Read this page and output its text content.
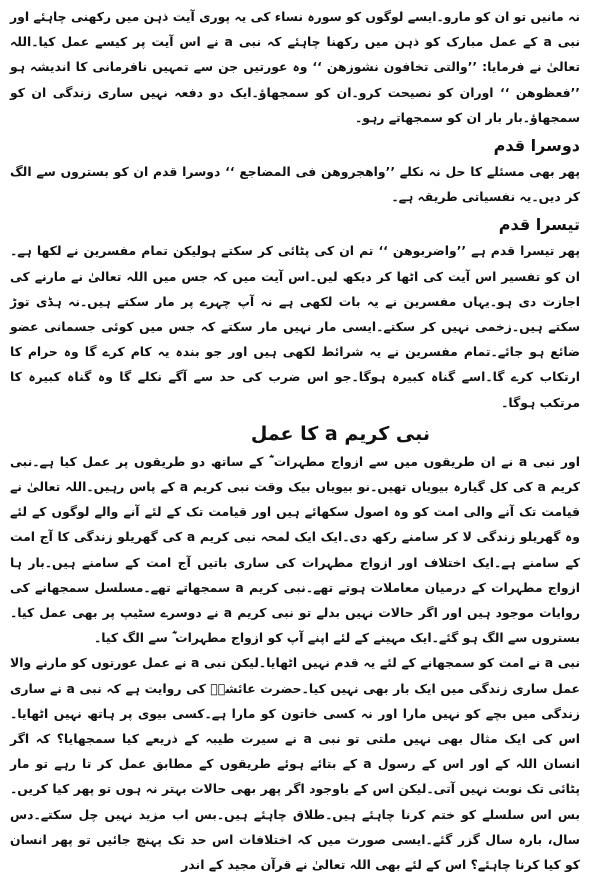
نہ مانیں تو ان کو مارو۔ایسے لوگوں کو سورہ نساء کی یہ پوری آیت ذہن میں رکھنی چاہئے اور نبی a کے عمل مبارک کو ذہن میں رکھنا چاہئے کہ نبی a نے اس آیت پر کیسے عمل کیا۔اللہ تعالیٰ نے فرمایا: ’’والتی تخافون نشوزھن ‘‘ وہ عورتیں جن سے تمہیں نافرمانی کا اندیشہ ہو ’’فعظوھن ‘‘ اوران کو نصیحت کرو۔ان کو سمجھاؤ۔ایک دو دفعہ نہیں ساری زندگی ان کو سمجھاؤ۔بار بار ان کو سمجھاتے رہو۔

دوسرا قدم

پھر بھی مسئلے کا حل نہ نکلے ’’واھجروھن فی المضاجع ‘‘ دوسرا قدم ان کو بستروں سے الگ کر دیں۔یہ نفسیاتی طریقہ ہے۔

تیسرا قدم

پھر تیسرا قدم ہے ’’واضربوھن ‘‘ تم ان کی پٹائی کر سکتے ہولیکن تمام مفسرین نے لکھا ہے۔ان کو تفسیر اس آیت کی اٹھا کر دیکھ لیں۔اس آیت میں کہ جس میں اللہ تعالیٰ نے مارنے کی اجازت دی ہو۔یہاں مفسرین نے یہ بات لکھی ہے نہ آپ چہرے پر مار سکتے ہیں۔نہ ہڈی توڑ سکتے ہیں۔زخمی نہیں کر سکتے۔ایسی مار نہیں مار سکتے کہ جس میں کوئی جسمانی عضو ضائع ہو جائے۔تمام مفسرین نے یہ شرائط لکھی ہیں اور جو بندہ یہ کام کرے گا وہ حرام کا ارتکاب کرے گا۔اسے گناہ کبیرہ ہوگا۔جو اس ضرب کی حد سے آگے نکلے گا وہ گناہ کبیرہ کا مرتکب ہوگا۔

نبی کریم a کا عمل

اور نبی a نے ان طریقوں میں سے ازواج مطہرات ؓ کے ساتھ دو طریقوں پر عمل کیا ہے۔نبی کریم a کی کل گیارہ بیویاں تھیں۔نو بیویاں بیک وقت نبی کریم a کے پاس رہیں۔اللہ تعالیٰ نے قیامت تک آنے والی امت کو وہ اصول سکھائے ہیں اور قیامت تک کے لئے آنے والے لوگوں کے لئے وہ گھریلو زندگی لا کر سامنے رکھ دی۔ایک ایک لمحہ نبی کریم a کی گھریلو زندگی کا آج امت کے سامنے ہے۔ایک اختلاف اور ازواج مطہرات کی ساری باتیں آج امت کے سامنے ہیں۔بار ہا ازواج مطہرات کے درمیان معاملات ہوتے تھے۔نبی کریم a سمجھاتے تھے۔مسلسل سمجھانے کی روایات موجود ہیں اور اگر حالات نہیں بدلے تو نبی کریم a نے دوسرے سٹیپ پر بھی عمل کیا۔بستروں سے الگ ہو گئے۔ایک مہینے کے لئے اپنے آپ کو ازواج مطہرات ؓ سے الگ کیا۔

نبی a نے امت کو سمجھانے کے لئے یہ قدم نہیں اٹھایا۔لیکن نبی a نے عمل عورتوں کو مارنے والا عمل ساری زندگی میں ایک بار بھی نہیں کیا۔حضرت عائشہؓ کی روایت ہے کہ نبی a نے ساری زندگی میں بچے کو نہیں مارا اور نہ کسی خاتون کو مارا ہے۔کسی بیوی پر ہاتھ نہیں اٹھایا۔اس کی ایک مثال بھی نہیں ملتی تو نبی a نے سیرت طیبہ کے ذریعے کیا سمجھایا؟ کہ اگر انسان اللہ کے اور اس کے رسول a کے بتائے ہوئے طریقوں کے مطابق عمل کر تا رہے تو مار پٹائی تک نوبت نہیں آتی۔لیکن اس کے باوجود اگر پھر بھی حالات بہتر نہ ہوں تو پھر کیا کریں۔بس اس سلسلے کو ختم کرنا چاہئے ہیں۔طلاق چاہئے ہیں۔بس اب مزید نہیں چل سکتے۔دس سال، بارہ سال گزر گئے۔ایسی صورت میں کہ اختلافات اس حد تک پہنچ جائیں تو پھر انسان کو کیا کرنا چاہئے؟ اس کے لئے بھی اللہ تعالیٰ نے قرآن مجید کے اندر
